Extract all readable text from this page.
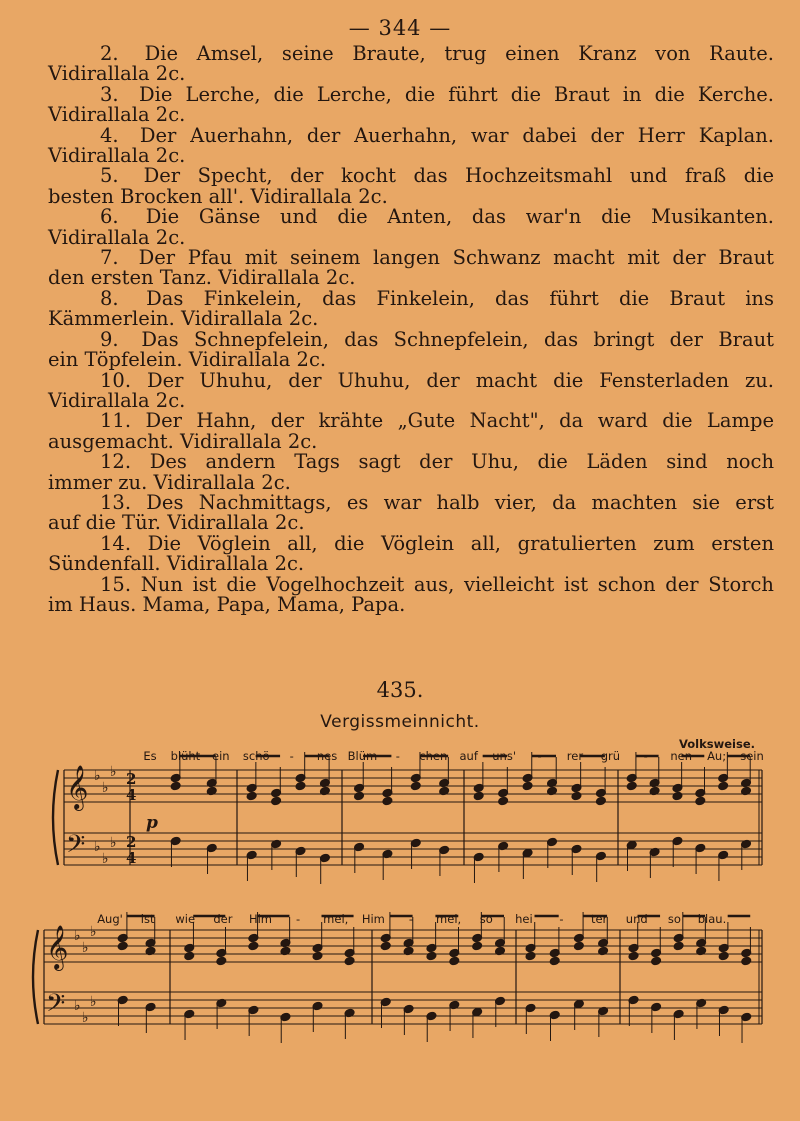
— 344 —

2. Die Amsel, seine Braute, trug einen Kranz von Raute.
Vidirallala 2c.

3. Die Lerche, die Lerche, die führt die Braut in die Kerche.
Vidirallala 2c.

4. Der Auerhahn, der Auerhahn, war dabei der Herr Kaplan.
Vidirallala 2c.

5. Der Specht, der kocht das Hochzeitsmahl und fraß die
besten Brocken all'. Vidirallala 2c.

6. Die Gänse und die Anten, das war'n die Musikanten.
Vidirallala 2c.

7. Der Pfau mit seinem langen Schwanz macht mit der Braut
den ersten Tanz. Vidirallala 2c.

8. Das Finkelein, das Finkelein, das führt die Braut ins
Kämmerlein. Vidirallala 2c.

9. Das Schnepfelein, das Schnepfelein, das bringt der Braut
ein Töpfelein. Vidirallala 2c.

10. Der Uhuhu, der Uhuhu, der macht die Fensterladen zu.
Vidirallala 2c.

11. Der Hahn, der krähte „Gute Nacht", da ward die Lampe
ausgemacht. Vidirallala 2c.

12. Des andern Tags sagt der Uhu, die Läden sind noch
immer zu. Vidirallala 2c.

13. Des Nachmittags, es war halb vier, da machten sie erst
auf die Tür. Vidirallala 2c.

14. Die Vöglein all, die Vöglein all, gratulierten zum ersten
Sündenfall. Vidirallala 2c.

15. Nun ist die Vogelhochzeit aus, vielleicht ist schon der Storch
im Haus. Mama, Papa, Mama, Papa.

435.
Vergissmeinnicht.
Volksweise.
𝄞
𝄢
♭
♭
♭
♭
♭
♭
2
4
2
4
Es blüht ein schö - nes Blüm - chen auf uns' - rer grü - nen Au; sein
𝄞
𝄢
♭
♭
♭
♭
♭
♭
Aug' ist wie der Him - mel, Him - mel, so hei - ter und so blau.
p
